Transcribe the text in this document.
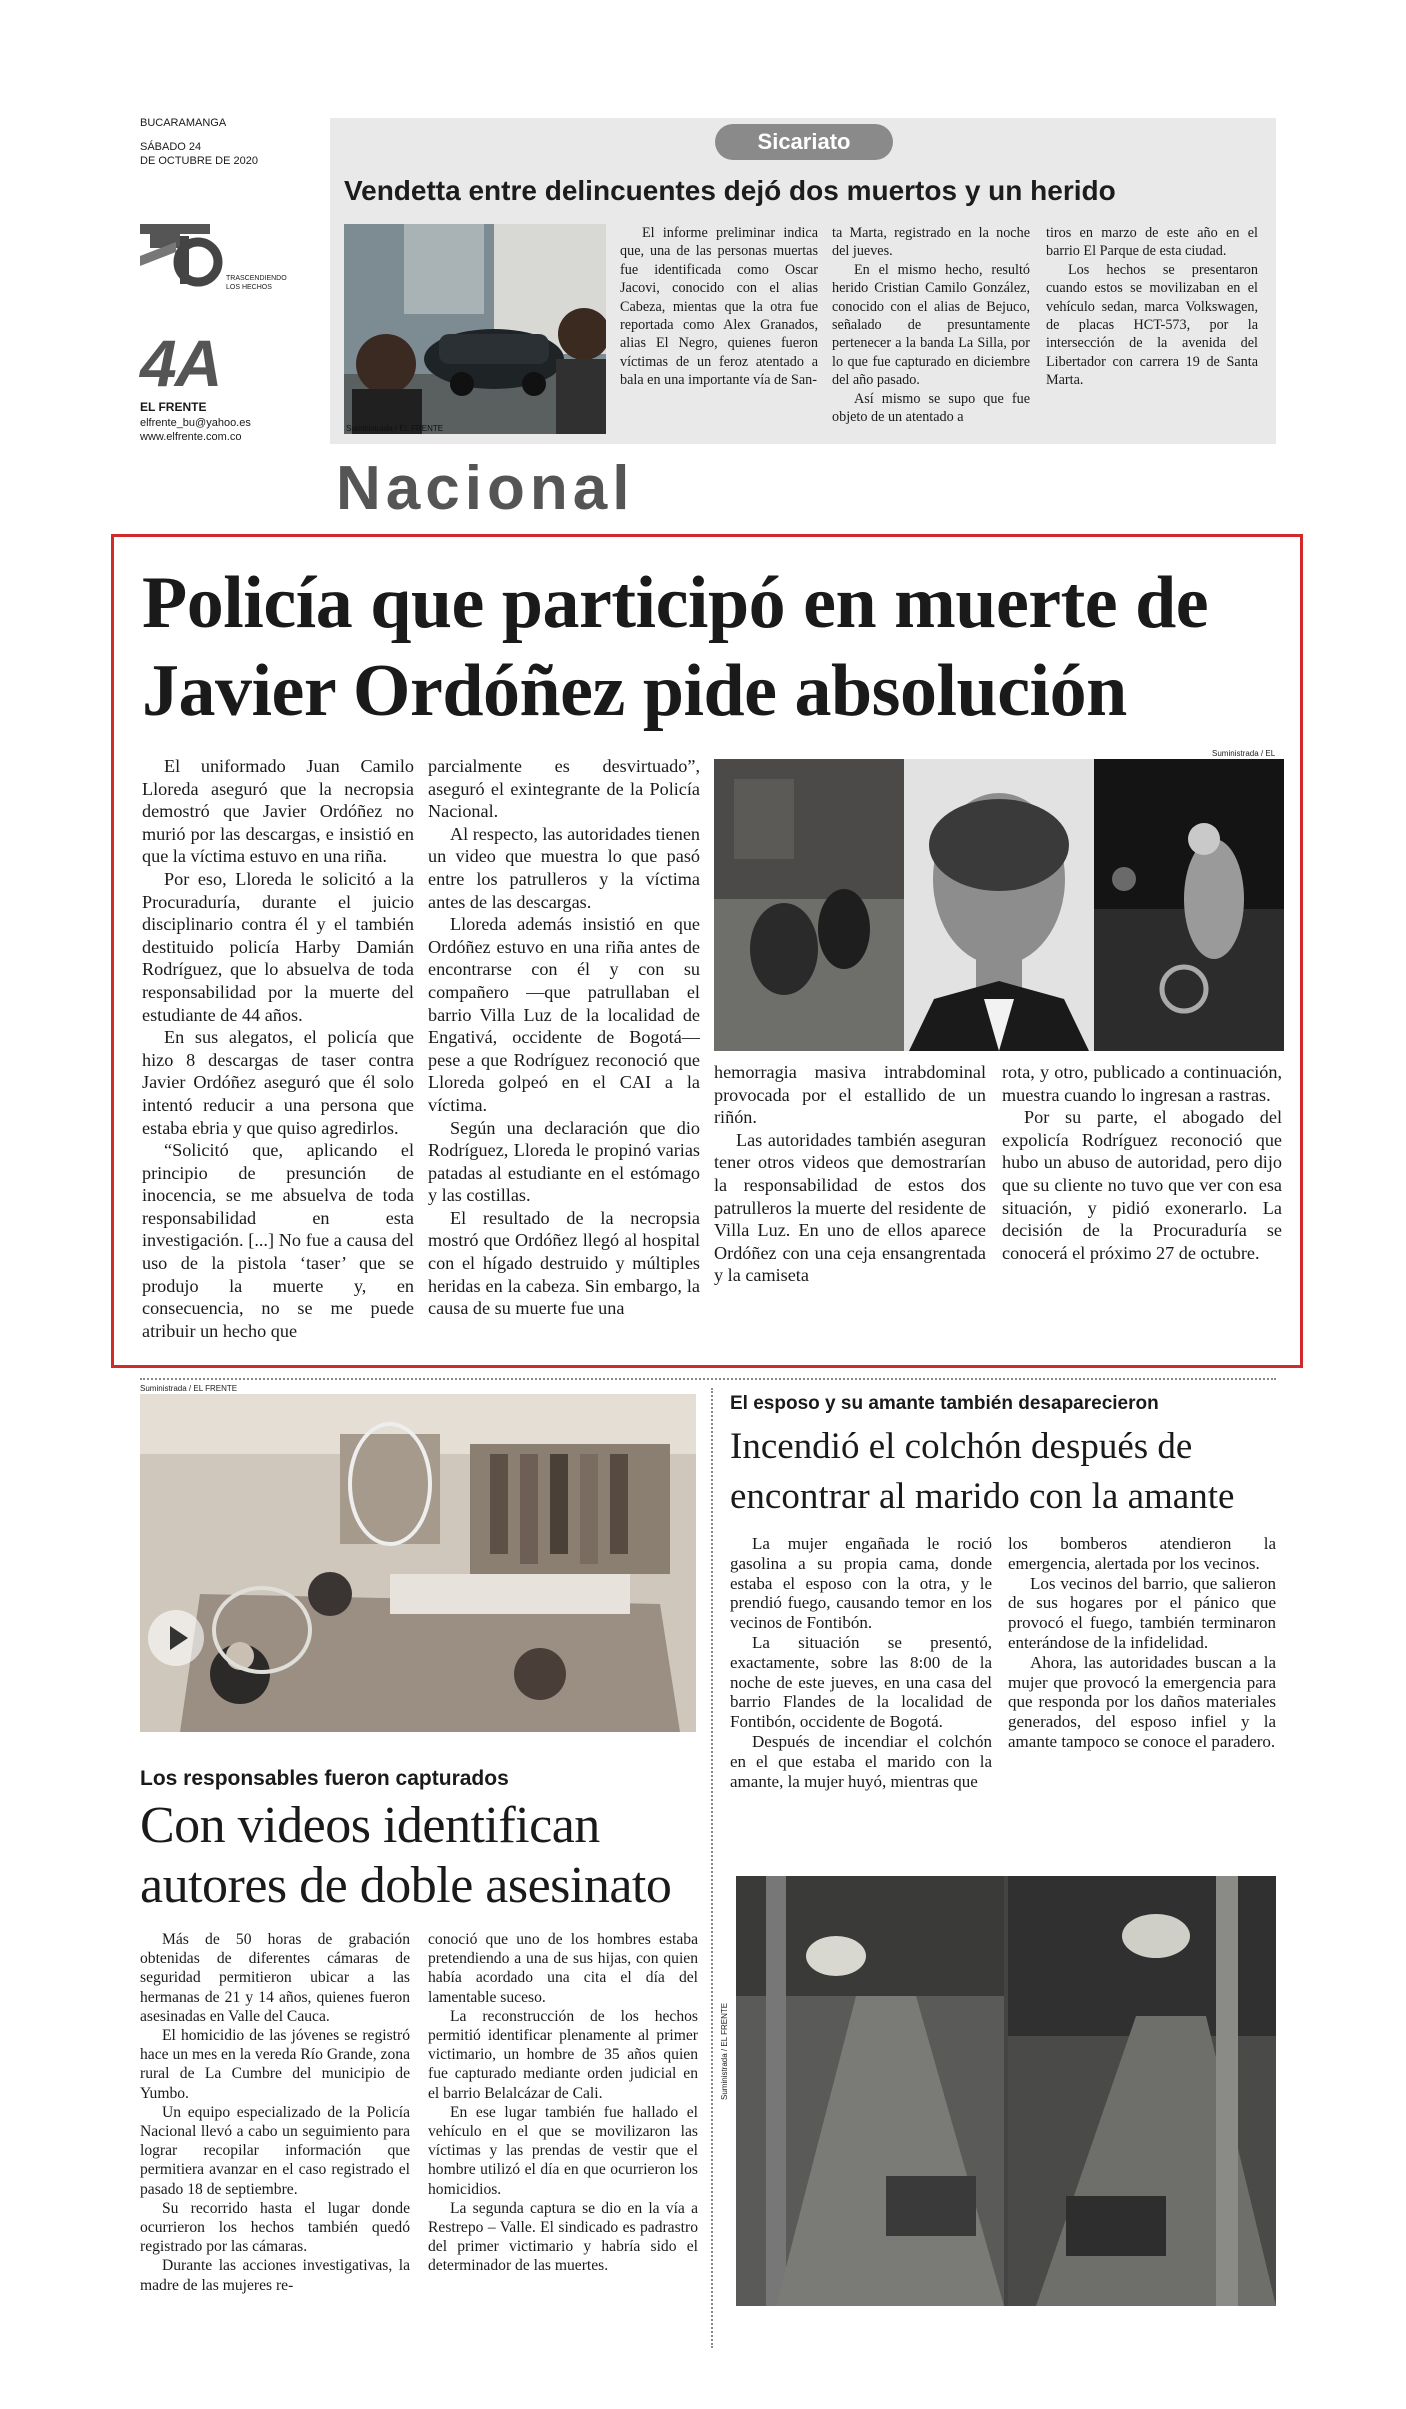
BUCARAMANGA
SÁBADO 24
DE OCTUBRE DE 2020
TRASCENDIENDO
LOS HECHOS
4A
EL FRENTE
elfrente_bu@yahoo.es
www.elfrente.com.co
Sicariato
Vendetta entre delincuentes dejó dos muertos y un herido
Suministrada / EL FRENTE

El informe preliminar indica que, una de las personas muertas fue identificada como Oscar Jacovi, conocido con el alias Cabeza, mientas que la otra fue reportada como Alex Granados, alias El Negro, quienes fueron víctimas de un feroz atentado a bala en una importante vía de San-

ta Marta, registrado en la noche del jueves.

En el mismo hecho, resultó herido Cristian Camilo González, conocido con el alias de Bejuco, señalado de presuntamente pertenecer a la banda La Silla, por lo que fue capturado en diciembre del año pasado.

Así mismo se supo que fue objeto de un atentado a

tiros en marzo de este año en el barrio El Parque de esta ciudad.

Los hechos se presentaron cuando estos se movilizaban en el vehículo sedan, marca Volkswagen, de placas HCT-573, por la intersección de la avenida del Libertador con carrera 19 de Santa Marta.

Nacional
Policía que participó en muerte de
Javier Ordóñez pide absolución

El uniformado Juan Camilo Lloreda aseguró que la necropsia demostró que Javier Ordóñez no murió por las descargas, e insistió en que la víctima estuvo en una riña.

Por eso, Lloreda le solicitó a la Procuraduría, durante el juicio disciplinario contra él y el también destituido policía Harby Damián Rodríguez, que lo absuelva de toda responsabilidad por la muerte del estudiante de 44 años.

En sus alegatos, el policía que hizo 8 descargas de taser contra Javier Ordóñez aseguró que él solo intentó reducir a una persona que estaba ebria y que quiso agredirlos.

“Solicitó que, aplicando el principio de presunción de inocencia, se me absuelva de toda responsabilidad en esta investigación. [...] No fue a causa del uso de la pistola ‘taser’ que se produjo la muerte y, en consecuencia, no se me puede atribuir un hecho que

parcialmente es desvirtuado”, aseguró el exintegrante de la Policía Nacional.

Al respecto, las autoridades tienen un video que muestra lo que pasó entre los patrulleros y la víctima antes de las descargas.

Lloreda además insistió en que Ordóñez estuvo en una riña antes de encontrarse con él y con su compañero —que patrullaban el barrio Villa Luz de la localidad de Engativá, occidente de Bogotá— pese a que Rodríguez reconoció que Lloreda golpeó en el CAI a la víctima.

Según una declaración que dio Rodríguez, Lloreda le propinó varias patadas al estudiante en el estómago y las costillas.

El resultado de la necropsia mostró que Ordóñez llegó al hospital con el hígado destruido y múltiples heridas en la cabeza. Sin embargo, la causa de su muerte fue una

Suministrada / EL

hemorragia masiva intrabdominal provocada por el estallido de un riñón.

Las autoridades también aseguran tener otros videos que demostrarían la responsabilidad de estos dos patrulleros la muerte del residente de Villa Luz. En uno de ellos aparece Ordóñez con una ceja ensangrentada y la camiseta

rota, y otro, publicado a continuación, muestra cuando lo ingresan a rastras.

Por su parte, el abogado del expolicía Rodríguez reconoció que hubo un abuso de autoridad, pero dijo que su cliente no tuvo que ver con esa situación, y pidió exonerarlo. La decisión de la Procuraduría se conocerá el próximo 27 de octubre.

Suministrada / EL FRENTE
Los responsables fueron capturados
Con videos identifican
autores de doble asesinato

Más de 50 horas de grabación obtenidas de diferentes cámaras de seguridad permitieron ubicar a las hermanas de 21 y 14 años, quienes fueron asesinadas en Valle del Cauca.

El homicidio de las jóvenes se registró hace un mes en la vereda Río Grande, zona rural de La Cumbre del municipio de Yumbo.

Un equipo especializado de la Policía Nacional llevó a cabo un seguimiento para lograr recopilar información que permitiera avanzar en el caso registrado el pasado 18 de septiembre.

Su recorrido hasta el lugar donde ocurrieron los hechos también quedó registrado por las cámaras.

Durante las acciones investigativas, la madre de las mujeres re-

conoció que uno de los hombres estaba pretendiendo a una de sus hijas, con quien había acordado una cita el día del lamentable suceso.

La reconstrucción de los hechos permitió identificar plenamente al primer victimario, un hombre de 35 años quien fue capturado mediante orden judicial en el barrio Belalcázar de Cali.

En ese lugar también fue hallado el vehículo en el que se movilizaron las víctimas y las prendas de vestir que el hombre utilizó el día en que ocurrieron los homicidios.

La segunda captura se dio en la vía a Restrepo – Valle. El sindicado es padrastro del primer victimario y habría sido el determinador de las muertes.

El esposo y su amante también desaparecieron
Incendió el colchón después de
encontrar al marido con la amante

La mujer engañada le roció gasolina a su propia cama, donde estaba el esposo con la otra, y le prendió fuego, causando temor en los vecinos de Fontibón.

La situación se presentó, exactamente, sobre las 8:00 de la noche de este jueves, en una casa del barrio Flandes de la localidad de Fontibón, occidente de Bogotá.

Después de incendiar el colchón en el que estaba el marido con la amante, la mujer huyó, mientras que

los bomberos atendieron la emergencia, alertada por los vecinos.

Los vecinos del barrio, que salieron de sus hogares por el pánico que provocó el fuego, también terminaron enterándose de la infidelidad.

Ahora, las autoridades buscan a la mujer que provocó la emergencia para que responda por los daños materiales generados, del esposo infiel y la amante tampoco se conoce el paradero.

Suministrada / EL FRENTE
